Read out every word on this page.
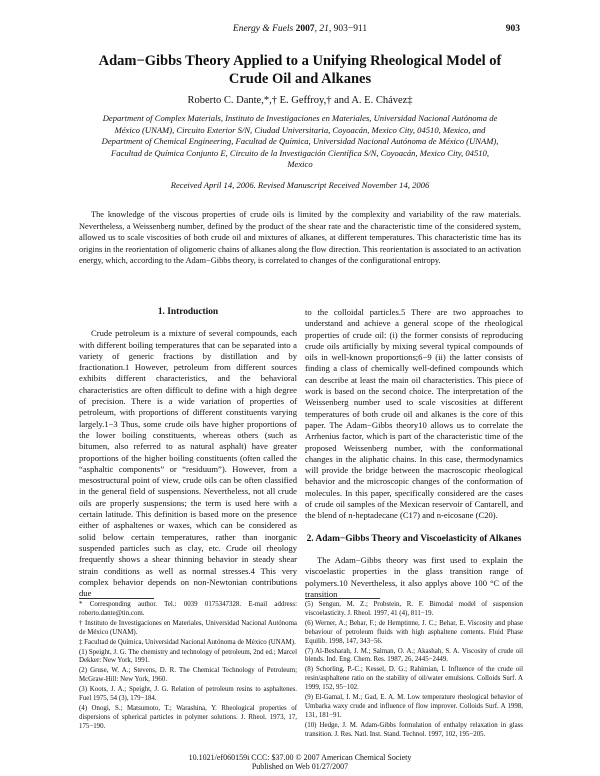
Energy & Fuels 2007, 21, 903−911	903
Adam−Gibbs Theory Applied to a Unifying Rheological Model of Crude Oil and Alkanes
Roberto C. Dante,*,† E. Geffroy,† and A. E. Chávez‡
Department of Complex Materials, Instituto de Investigaciones en Materiales, Universidad Nacional Autónoma de México (UNAM), Circuito Exterior S/N, Ciudad Universitaria, Coyoacán, Mexico City, 04510, Mexico, and Department of Chemical Engineering, Facultad de Química, Universidad Nacional Autónoma de México (UNAM), Facultad de Química Conjunto E, Circuito de la Investigación Científica S/N, Coyoacán, Mexico City, 04510, Mexico
Received April 14, 2006. Revised Manuscript Received November 14, 2006

The knowledge of the viscous properties of crude oils is limited by the complexity and variability of the raw materials. Nevertheless, a Weissenberg number, defined by the product of the shear rate and the characteristic time of the considered system, allowed us to scale viscosities of both crude oil and mixtures of alkanes, at different temperatures. This characteristic time has its origins in the reorientation of oligomeric chains of alkanes along the flow direction. This reorientation is associated to an activation energy, which, according to the Adam−Gibbs theory, is correlated to changes of the configurational entropy.

1. Introduction

Crude petroleum is a mixture of several compounds, each with different boiling temperatures that can be separated into a variety of generic fractions by distillation and by fractionation.1 However, petroleum from different sources exhibits different characteristics, and the behavioral characteristics are often difficult to define with a high degree of precision. There is a wide variation of properties of petroleum, with proportions of different constituents varying largely.1−3 Thus, some crude oils have higher proportions of the lower boiling constituents, whereas others (such as bitumen, also referred to as natural asphalt) have greater proportions of the higher boiling constituents (often called the “asphaltic components” or “residuum”). However, from a mesostructural point of view, crude oils can be often classified in the general field of suspensions. Nevertheless, not all crude oils are properly suspensions; the term is used here with a certain latitude. This definition is based more on the presence either of asphaltenes or waxes, which can be considered as solid below certain temperatures, rather than inorganic suspended particles such as clay, etc. Crude oil rheology frequently shows a shear thinning behavior in steady shear strain conditions as well as normal stresses.4 This very complex behavior depends on non-Newtonian contributions due

to the colloidal particles.5 There are two approaches to understand and achieve a general scope of the rheological properties of crude oil: (i) the former consists of reproducing crude oils artificially by mixing several typical compounds of oils in well-known proportions;6−9 (ii) the latter consists of finding a class of chemically well-defined compounds which can describe at least the main oil characteristics. This piece of work is based on the second choice. The interpretation of the Weissenberg number used to scale viscosities at different temperatures of both crude oil and alkanes is the core of this paper. The Adam−Gibbs theory10 allows us to correlate the Arrhenius factor, which is part of the characteristic time of the proposed Weissenberg number, with the conformational changes in the aliphatic chains. In this case, thermodynamics will provide the bridge between the macroscopic rheological behavior and the microscopic changes of the conformation of molecules. In this paper, specifically considered are the cases of crude oil samples of the Mexican reservoir of Cantarell, and the blend of n-heptadecane (C17) and n-eicosane (C20).

2. Adam−Gibbs Theory and Viscoelasticity of Alkanes

The Adam−Gibbs theory was first used to explain the viscoelastic properties in the glass transition range of polymers.10 Nevertheless, it also applys above 100 °C of the transition

* Corresponding author. Tel.: 0039 0175347328. E-mail address: roberto.dante@tin.com.

† Instituto de Investigaciones en Materiales, Universidad Nacional Autónoma de México (UNAM).

‡ Facultad de Química, Universidad Nacional Autónoma de México (UNAM).

(1) Speight, J. G. The chemistry and technology of petroleum, 2nd ed.; Marcel Dekker: New York, 1991.

(2) Gruse, W. A.; Stevens, D. R. The Chemical Technology of Petroleum; McGraw-Hill: New York, 1960.

(3) Koots, J. A.; Speight, J. G. Relation of petroleum resins to asphaltenes. Fuel 1975, 54 (3), 179−184.

(4) Onogi, S.; Matsumoto, T.; Warashina, Y. Rheological properties of dispersions of spherical particles in polymer solutions. J. Rheol. 1973, 17, 175−190.

(5) Sengun, M. Z.; Probstein, R. F. Bimodal model of suspension viscoelasticity. J. Rheol. 1997, 41 (4), 811−19.

(6) Werner, A.; Behar, F.; de Hemptinne, J. C.; Behar, E. Viscosity and phase behaviour of petroleum fluids with high asphaltene contents. Fluid Phase Equilib. 1998, 147, 343−56.

(7) Al-Besharah, J. M.; Salman, O. A.; Akashah, S. A. Viscosity of crude oil blends. Ind. Eng. Chem. Res. 1987, 26, 2445−2449.

(8) Schorling, P.-C.; Kessel, D. G.; Rahimian, I. Influence of the crude oil resin/asphaltene ratio on the stability of oil/water emulsions. Colloids Surf. A 1999, 152, 95−102.

(9) El-Gamal, I. M.; Gad, E. A. M. Low temperature rheological behavior of Umbarka waxy crude and influence of flow improver. Colloids Surf. A 1998, 131, 181−91.

(10) Hedge, J. M. Adam-Gibbs formulation of enthalpy relaxation in glass transition. J. Res. Natl. Inst. Stand. Technol. 1997, 102, 195−205.

10.1021/ef060159i CCC: $37.00 © 2007 American Chemical Society
Published on Web 01/27/2007
